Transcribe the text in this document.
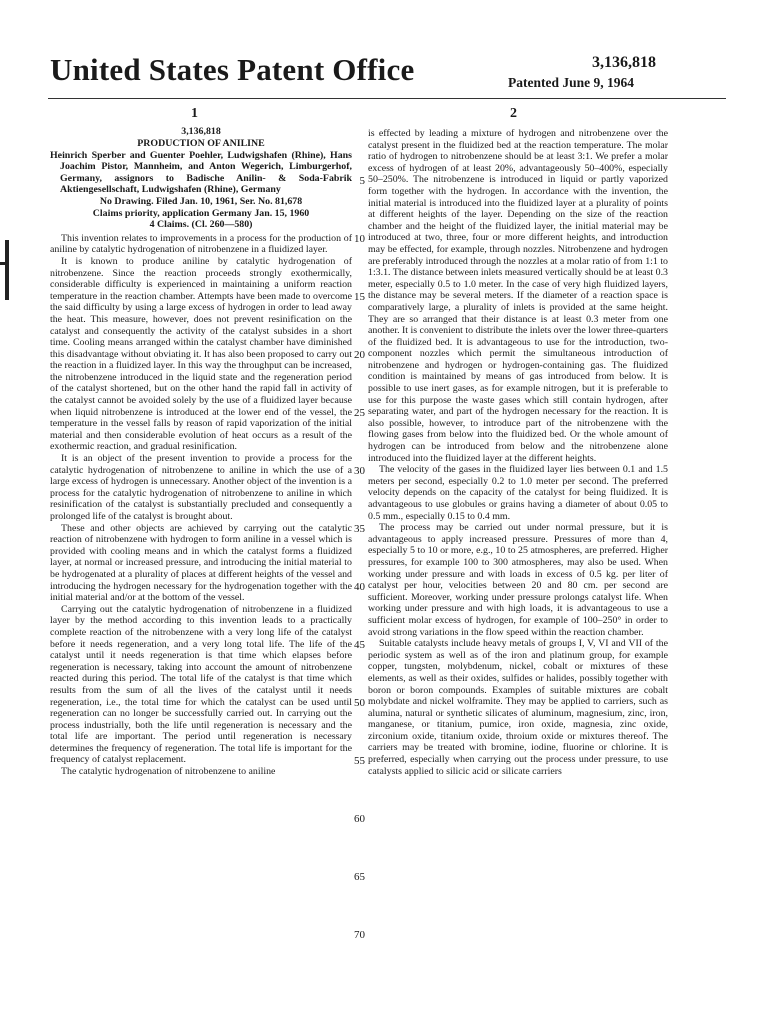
United States Patent Office	3,136,818
Patented June 9, 1964
1	2
3,136,818
PRODUCTION OF ANILINE
Heinrich Sperber and Guenter Poehler, Ludwigshafen (Rhine), Hans Joachim Pistor, Mannheim, and Anton Wegerich, Limburgerhof, Germany, assignors to Badische Anilin- & Soda-Fabrik Aktiengesellschaft, Ludwigshafen (Rhine), Germany
No Drawing. Filed Jan. 10, 1961, Ser. No. 81,678
Claims priority, application Germany Jan. 15, 1960
4 Claims. (Cl. 260—580)

This invention relates to improvements in a process for the production of aniline by catalytic hydrogenation of nitrobenzene in a fluidized layer.

It is known to produce aniline by catalytic hydrogenation of nitrobenzene. Since the reaction proceeds strongly exothermically, considerable difficulty is experienced in maintaining a uniform reaction temperature in the reaction chamber. Attempts have been made to overcome the said difficulty by using a large excess of hydrogen in order to lead away the heat. This measure, however, does not prevent resinification on the catalyst and consequently the activity of the catalyst subsides in a short time. Cooling means arranged within the catalyst chamber have diminished this disadvantage without obviating it. It has also been proposed to carry out the reaction in a fluidized layer. In this way the throughput can be increased, the nitrobenzene introduced in the liquid state and the regeneration period of the catalyst shortened, but on the other hand the rapid fall in activity of the catalyst cannot be avoided solely by the use of a fluidized layer because when liquid nitrobenzene is introduced at the lower end of the vessel, the temperature in the vessel falls by reason of rapid vaporization of the initial material and then considerable evolution of heat occurs as a result of the exothermic reaction, and gradual resinification.

It is an object of the present invention to provide a process for the catalytic hydrogenation of nitrobenzene to aniline in which the use of a large excess of hydrogen is unnecessary. Another object of the invention is a process for the catalytic hydrogenation of nitrobenzene to aniline in which resinification of the catalyst is substantially precluded and consequently a prolonged life of the catalyst is brought about.

These and other objects are achieved by carrying out the catalytic reaction of nitrobenzene with hydrogen to form aniline in a vessel which is provided with cooling means and in which the catalyst forms a fluidized layer, at normal or increased pressure, and introducing the initial material to be hydrogenated at a plurality of places at different heights of the vessel and introducing the hydrogen necessary for the hydrogenation together with the initial material and/or at the bottom of the vessel.

Carrying out the catalytic hydrogenation of nitrobenzene in a fluidized layer by the method according to this invention leads to a practically complete reaction of the nitrobenzene with a very long life of the catalyst before it needs regeneration, and a very long total life. The life of the catalyst until it needs regeneration is that time which elapses before regeneration is necessary, taking into account the amount of nitrobenzene reacted during this period. The total life of the catalyst is that time which results from the sum of all the lives of the catalyst until it needs regeneration, i.e., the total time for which the catalyst can be used until regeneration can no longer be successfully carried out. In carrying out the process industrially, both the life until regeneration is necessary and the total life are important. The period until regeneration is necessary determines the frequency of regeneration. The total life is important for the frequency of catalyst replacement.

The catalytic hydrogenation of nitrobenzene to aniline

is effected by leading a mixture of hydrogen and nitrobenzene over the catalyst present in the fluidized bed at the reaction temperature. The molar ratio of hydrogen to nitrobenzene should be at least 3:1. We prefer a molar excess of hydrogen of at least 20%, advantageously 50–400%, especially 50–250%. The nitrobenzene is introduced in liquid or partly vaporized form together with the hydrogen. In accordance with the invention, the initial material is introduced into the fluidized layer at a plurality of points at different heights of the layer. Depending on the size of the reaction chamber and the height of the fluidized layer, the initial material may be introduced at two, three, four or more different heights, and introduction may be effected, for example, through nozzles. Nitrobenzene and hydrogen are preferably introduced through the nozzles at a molar ratio of from 1:1 to 1:3.1. The distance between inlets measured vertically should be at least 0.3 meter, especially 0.5 to 1.0 meter. In the case of very high fluidized layers, the distance may be several meters. If the diameter of a reaction space is comparatively large, a plurality of inlets is provided at the same height. They are so arranged that their distance is at least 0.3 meter from one another. It is convenient to distribute the inlets over the lower three-quarters of the fluidized bed. It is advantageous to use for the introduction, two-component nozzles which permit the simultaneous introduction of nitrobenzene and hydrogen or hydrogen-containing gas. The fluidized condition is maintained by means of gas introduced from below. It is possible to use inert gases, as for example nitrogen, but it is preferable to use for this purpose the waste gases which still contain hydrogen, after separating water, and part of the hydrogen necessary for the reaction. It is also possible, however, to introduce part of the nitrobenzene with the flowing gases from below into the fluidized bed. Or the whole amount of hydrogen can be introduced from below and the nitrobenzene alone introduced into the fluidized layer at the different heights.

The velocity of the gases in the fluidized layer lies between 0.1 and 1.5 meters per second, especially 0.2 to 1.0 meter per second. The preferred velocity depends on the capacity of the catalyst for being fluidized. It is advantageous to use globules or grains having a diameter of about 0.05 to 0.5 mm., especially 0.15 to 0.4 mm.

The process may be carried out under normal pressure, but it is advantageous to apply increased pressure. Pressures of more than 4, especially 5 to 10 or more, e.g., 10 to 25 atmospheres, are preferred. Higher pressures, for example 100 to 300 atmospheres, may also be used. When working under pressure and with loads in excess of 0.5 kg. per liter of catalyst per hour, velocities between 20 and 80 cm. per second are sufficient. Moreover, working under pressure prolongs catalyst life. When working under pressure and with high loads, it is advantageous to use a sufficient molar excess of hydrogen, for example of 100–250° in order to avoid strong variations in the flow speed within the reaction chamber.

Suitable catalysts include heavy metals of groups I, V, VI and VII of the periodic system as well as of the iron and platinum group, for example copper, tungsten, molybdenum, nickel, cobalt or mixtures of these elements, as well as their oxides, sulfides or halides, possibly together with boron or boron compounds. Examples of suitable mixtures are cobalt molybdate and nickel wolframite. They may be applied to carriers, such as alumina, natural or synthetic silicates of aluminum, magnesium, zinc, iron, manganese, or titanium, pumice, iron oxide, magnesia, zinc oxide, zirconium oxide, titanium oxide, throium oxide or mixtures thereof. The carriers may be treated with bromine, iodine, fluorine or chlorine. It is preferred, especially when carrying out the process under pressure, to use catalysts applied to silicic acid or silicate carriers

5
10
15
20
25
30
35
40
45
50
55
60
65
70
